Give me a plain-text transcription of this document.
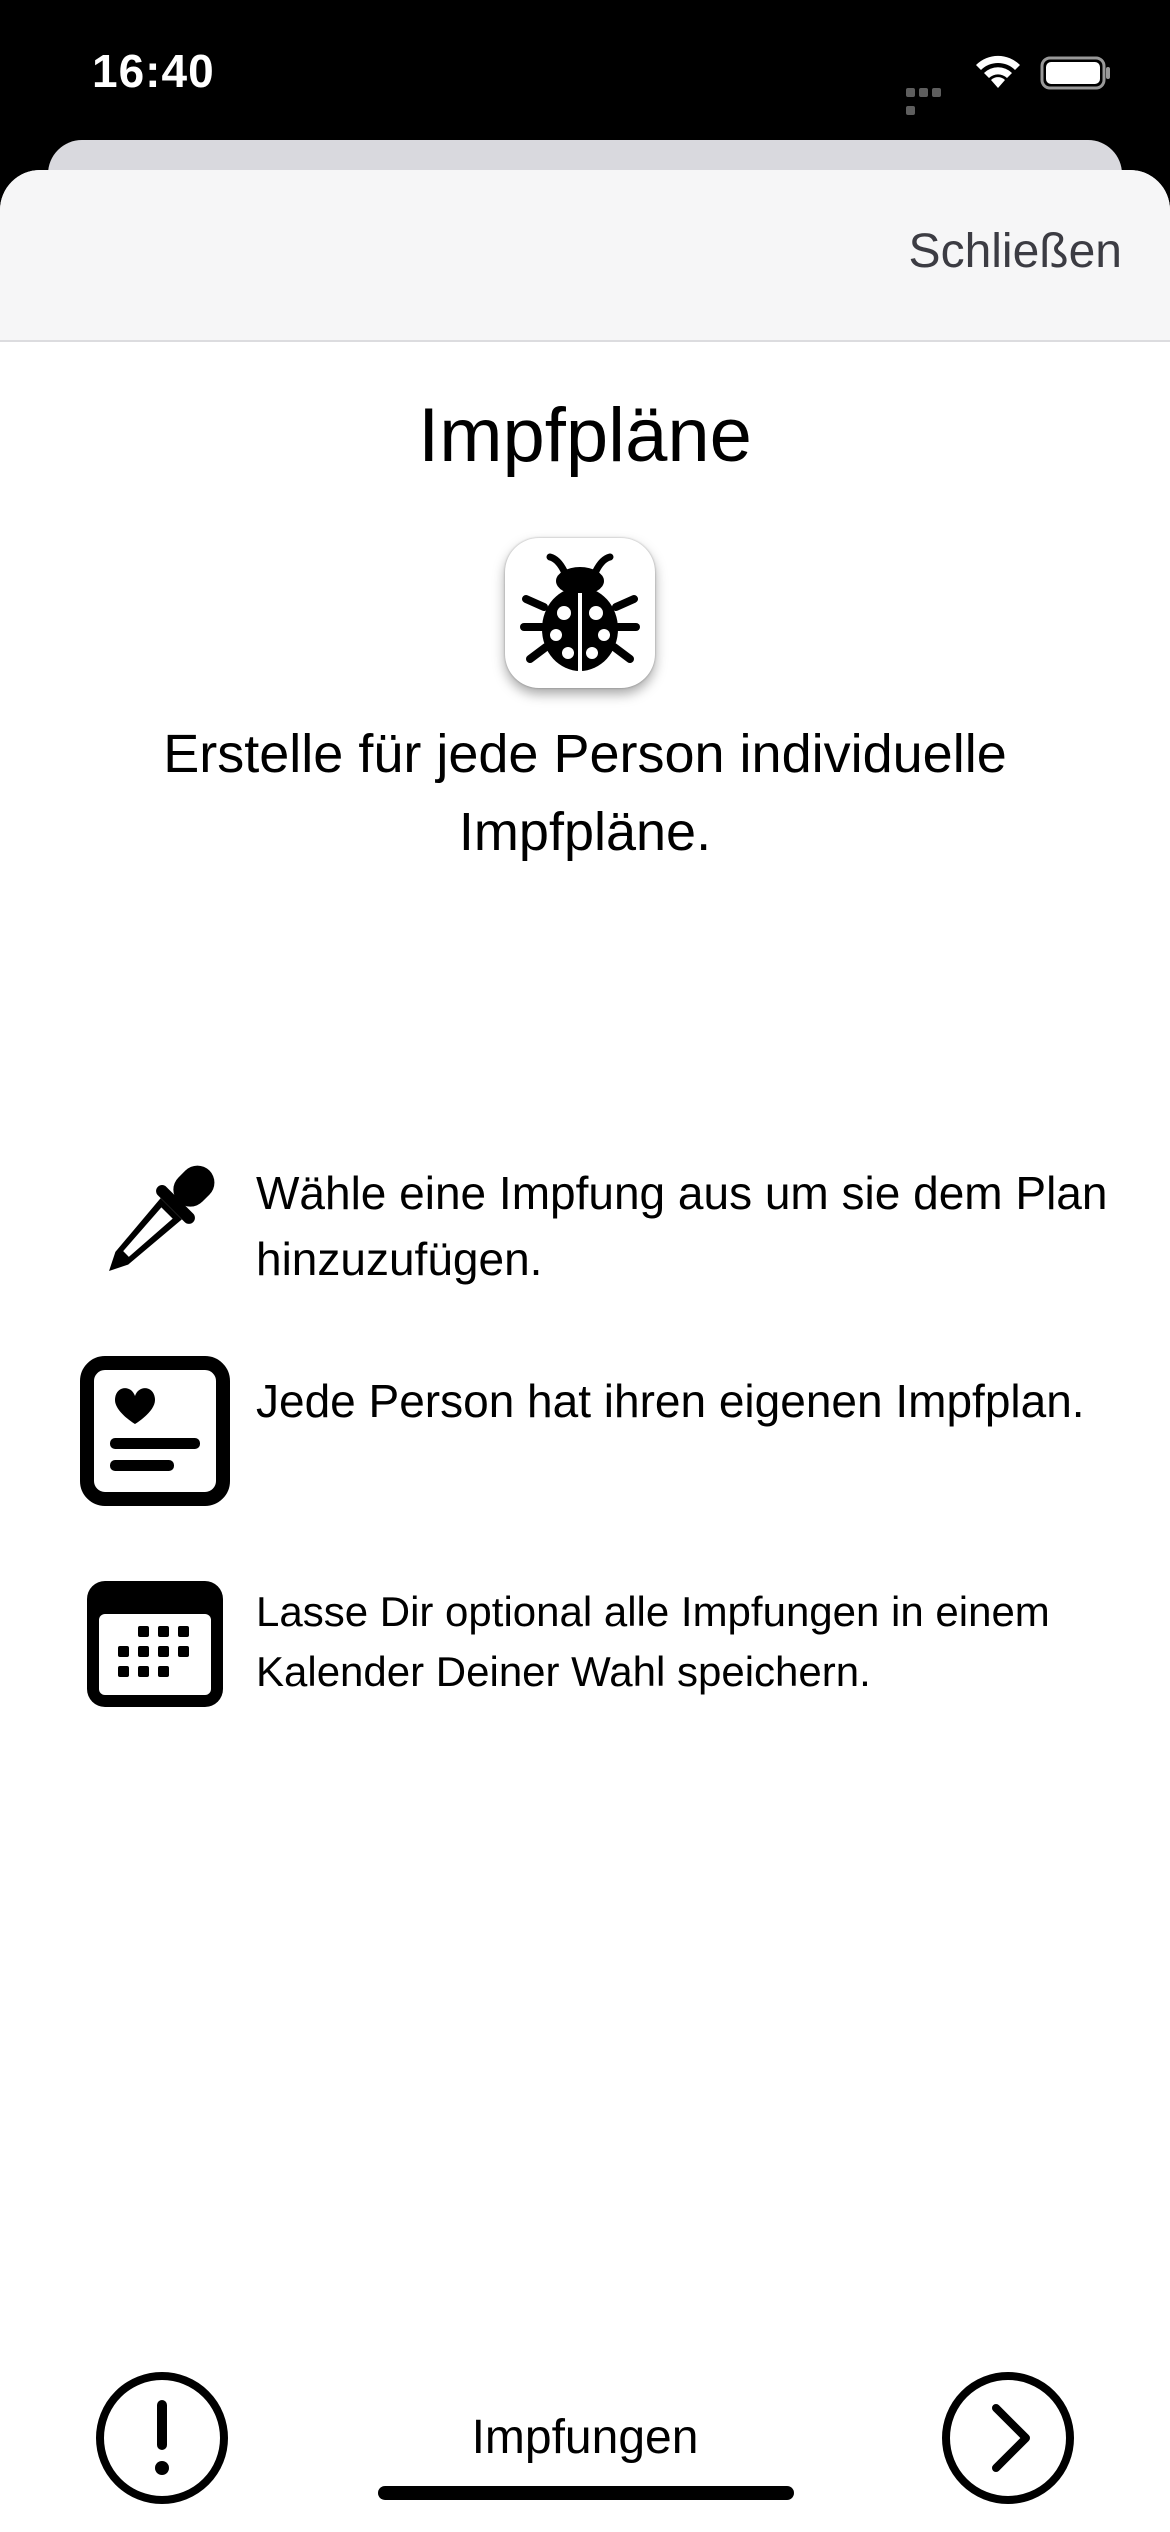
16:40
Schließen
Impfpläne
Erstelle für jede Person individuelle Impfpläne.
Wähle eine Impfung aus um sie dem Plan hinzuzufügen.
Jede Person hat ihren eigenen Impfplan.
Lasse Dir optional alle Impfungen in einem Kalender Deiner Wahl speichern.
Impfungen
